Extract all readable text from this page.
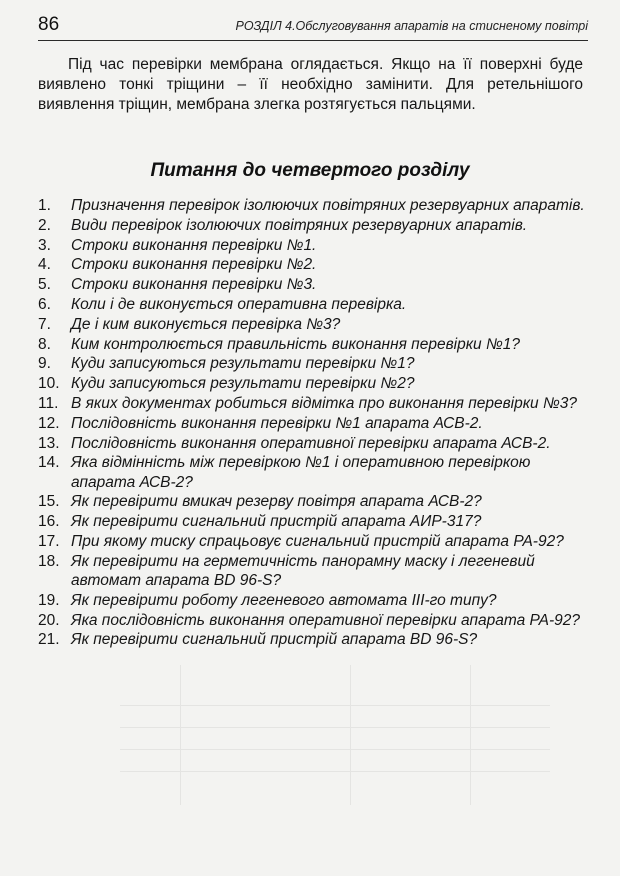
86	РОЗДІЛ 4.Обслуговування апаратів на стисненому повітрі

Під час перевірки мембрана оглядається. Якщо на її поверхні буде виявлено тонкі тріщини – її необхідно замінити. Для ретельнішого виявлення тріщин, мембрана злегка розтягується пальцями.

Питання до четвертого розділу
1. Призначення перевірок ізолюючих повітряних резервуарних апаратів.
2. Види перевірок ізолюючих повітряних резервуарних апаратів.
3. Строки виконання перевірки №1.
4. Строки виконання перевірки №2.
5. Строки виконання перевірки №3.
6. Коли і де виконується оперативна перевірка.
7. Де і ким виконується перевірка №3?
8. Ким контролюється правильність виконання перевірки №1?
9. Куди записуються результати перевірки №1?
10. Куди записуються результати перевірки №2?
11. В яких документах робиться відмітка про виконання перевірки №3?
12. Послідовність виконання перевірки №1 апарата АСВ-2.
13. Послідовність виконання оперативної перевірки апарата АСВ-2.
14. Яка відмінність між перевіркою №1 і оперативною перевіркою апарата АСВ-2?
15. Як перевірити вмикач резерву повітря апарата АСВ-2?
16. Як перевірити сигнальний пристрій апарата АИР-317?
17. При якому тиску спрацьовує сигнальний пристрій апарата РА-92?
18. Як перевірити на герметичність панорамну маску і легеневий автомат апарата BD 96-S?
19. Як перевірити роботу легеневого автомата ІІІ-го типу?
20. Яка послідовність виконання оперативної перевірки апарата РА-92?
21. Як перевірити сигнальний пристрій апарата BD 96-S?
